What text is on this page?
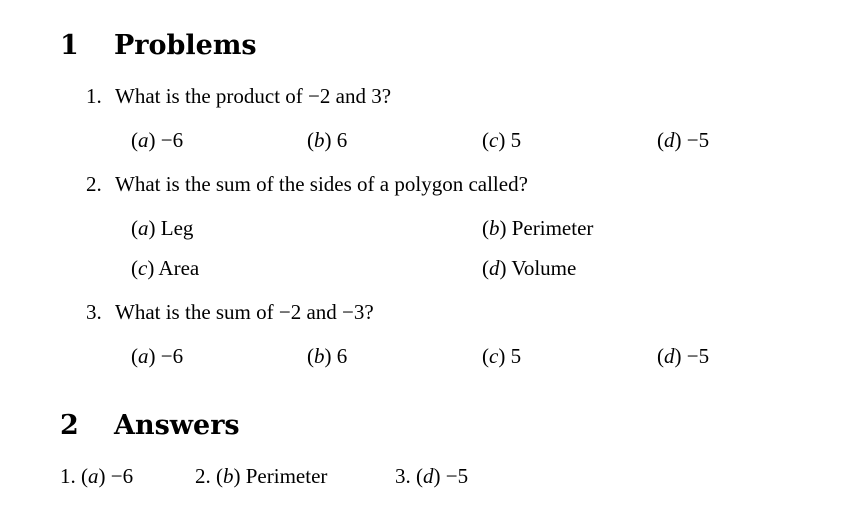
1 Problems
1. What is the product of −2 and 3?
(a) −6	(b) 6	(c) 5	(d) −5
2. What is the sum of the sides of a polygon called?
(a) Leg	(b) Perimeter
(c) Area	(d) Volume
3. What is the sum of −2 and −3?
(a) −6	(b) 6	(c) 5	(d) −5
2 Answers
1. (a) −6	2. (b) Perimeter	3. (d) −5
